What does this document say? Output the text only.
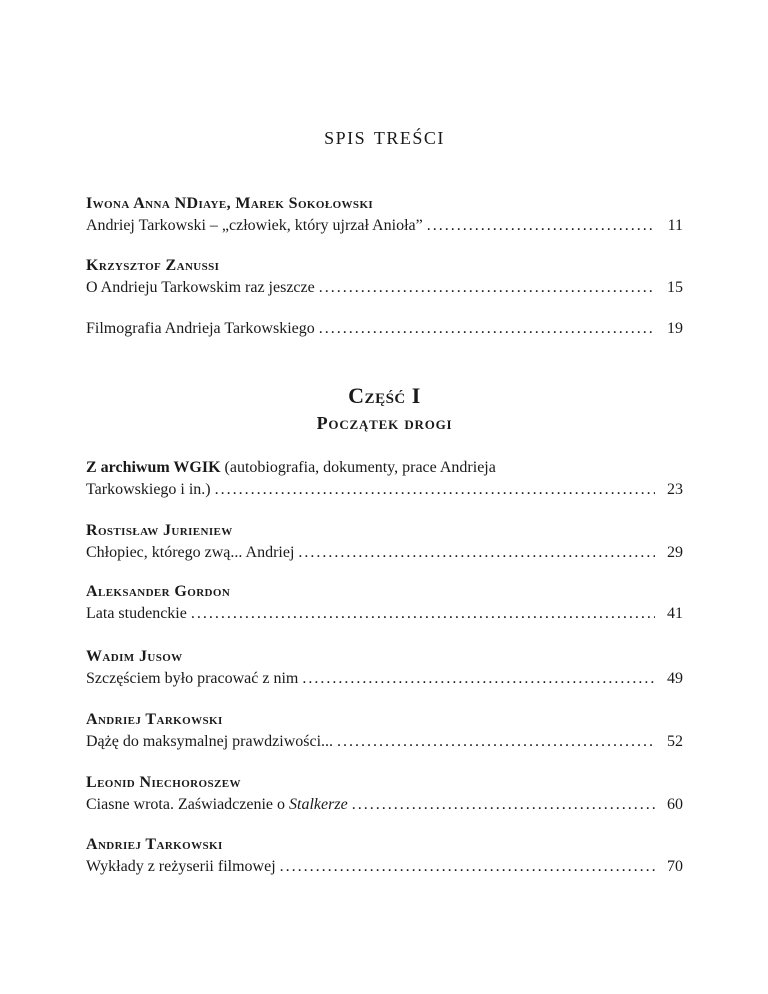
spis treści
Iwona Anna NDiaye, Marek Sokołowski
Andriej Tarkowski – „człowiek, który ujrzał Anioła” .....	11
Krzysztof Zanussi
O Andrieju Tarkowskim raz jeszcze .....	15
Filmografia Andrieja Tarkowskiego .....	19
Część I
Początek drogi
Z archiwum WGIK (autobiografia, dokumenty, prace Andrieja
Tarkowskiego i in.) .....	23
Rostisław Jurieniew
Chłopiec, którego zwą... Andriej .....	29
Aleksander Gordon
Lata studenckie .....	41
Wadim Jusow
Szczęściem było pracować z nim .....	49
Andriej Tarkowski
Dążę do maksymalnej prawdziwości... .....	52
Leonid Niechoroszew
Ciasne wrota. Zaświadczenie o Stalkerze .....	60
Andriej Tarkowski
Wykłady z reżyserii filmowej .....	70
